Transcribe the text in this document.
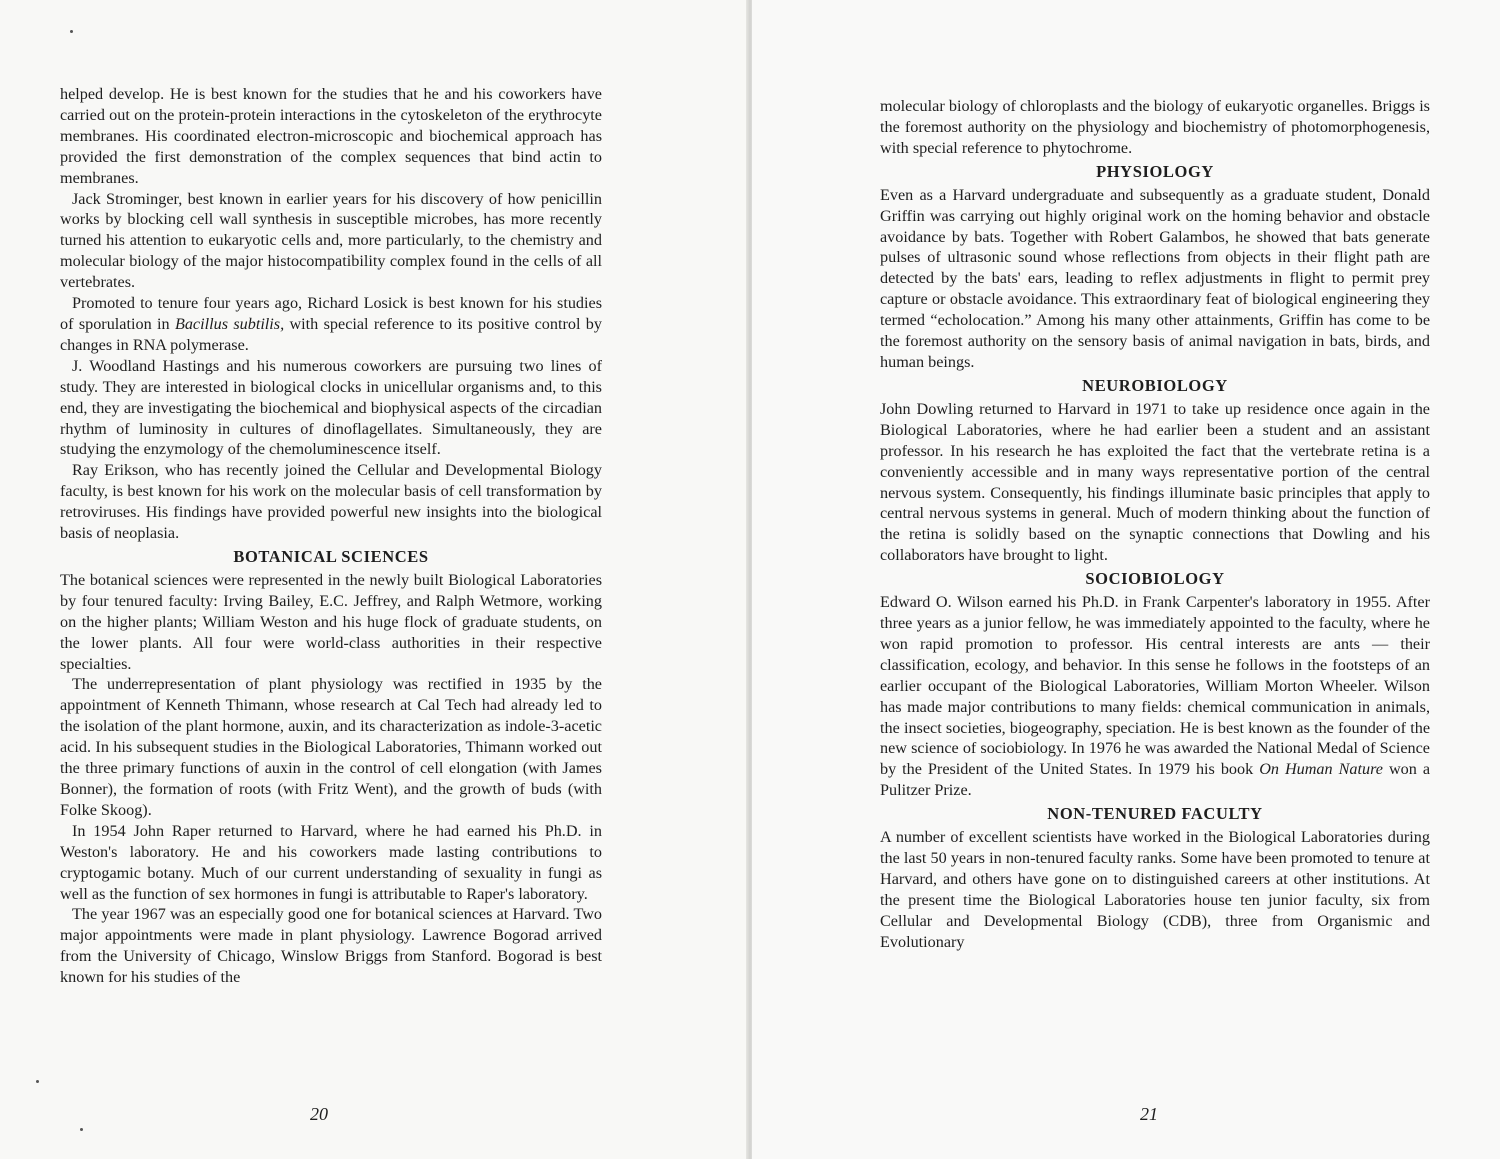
helped develop. He is best known for the studies that he and his coworkers have carried out on the protein-protein interactions in the cytoskeleton of the erythrocyte membranes. His coordinated electron-microscopic and biochemical approach has provided the first demonstration of the complex sequences that bind actin to membranes.

Jack Strominger, best known in earlier years for his discovery of how penicillin works by blocking cell wall synthesis in susceptible microbes, has more recently turned his attention to eukaryotic cells and, more particularly, to the chemistry and molecular biology of the major histocompatibility complex found in the cells of all vertebrates.

Promoted to tenure four years ago, Richard Losick is best known for his studies of sporulation in Bacillus subtilis, with special reference to its positive control by changes in RNA polymerase.

J. Woodland Hastings and his numerous coworkers are pursuing two lines of study. They are interested in biological clocks in unicellular organisms and, to this end, they are investigating the biochemical and biophysical aspects of the circadian rhythm of luminosity in cultures of dinoflagellates. Simultaneously, they are studying the enzymology of the chemoluminescence itself.

Ray Erikson, who has recently joined the Cellular and Developmental Biology faculty, is best known for his work on the molecular basis of cell transformation by retroviruses. His findings have provided powerful new insights into the biological basis of neoplasia.

BOTANICAL SCIENCES

The botanical sciences were represented in the newly built Biological Laboratories by four tenured faculty: Irving Bailey, E.C. Jeffrey, and Ralph Wetmore, working on the higher plants; William Weston and his huge flock of graduate students, on the lower plants. All four were world-class authorities in their respective specialties.

The underrepresentation of plant physiology was rectified in 1935 by the appointment of Kenneth Thimann, whose research at Cal Tech had already led to the isolation of the plant hormone, auxin, and its characterization as indole-3-acetic acid. In his subsequent studies in the Biological Laboratories, Thimann worked out the three primary functions of auxin in the control of cell elongation (with James Bonner), the formation of roots (with Fritz Went), and the growth of buds (with Folke Skoog).

In 1954 John Raper returned to Harvard, where he had earned his Ph.D. in Weston's laboratory. He and his coworkers made lasting contributions to cryptogamic botany. Much of our current understanding of sexuality in fungi as well as the function of sex hormones in fungi is attributable to Raper's laboratory.

The year 1967 was an especially good one for botanical sciences at Harvard. Two major appointments were made in plant physiology. Lawrence Bogorad arrived from the University of Chicago, Winslow Briggs from Stanford. Bogorad is best known for his studies of the

20

molecular biology of chloroplasts and the biology of eukaryotic organelles. Briggs is the foremost authority on the physiology and biochemistry of photomorphogenesis, with special reference to phytochrome.

PHYSIOLOGY

Even as a Harvard undergraduate and subsequently as a graduate student, Donald Griffin was carrying out highly original work on the homing behavior and obstacle avoidance by bats. Together with Robert Galambos, he showed that bats generate pulses of ultrasonic sound whose reflections from objects in their flight path are detected by the bats' ears, leading to reflex adjustments in flight to permit prey capture or obstacle avoidance. This extraordinary feat of biological engineering they termed “echolocation.” Among his many other attainments, Griffin has come to be the foremost authority on the sensory basis of animal navigation in bats, birds, and human beings.

NEUROBIOLOGY

John Dowling returned to Harvard in 1971 to take up residence once again in the Biological Laboratories, where he had earlier been a student and an assistant professor. In his research he has exploited the fact that the vertebrate retina is a conveniently accessible and in many ways representative portion of the central nervous system. Consequently, his findings illuminate basic principles that apply to central nervous systems in general. Much of modern thinking about the function of the retina is solidly based on the synaptic connections that Dowling and his collaborators have brought to light.

SOCIOBIOLOGY

Edward O. Wilson earned his Ph.D. in Frank Carpenter's laboratory in 1955. After three years as a junior fellow, he was immediately appointed to the faculty, where he won rapid promotion to professor. His central interests are ants — their classification, ecology, and behavior. In this sense he follows in the footsteps of an earlier occupant of the Biological Laboratories, William Morton Wheeler. Wilson has made major contributions to many fields: chemical communication in animals, the insect societies, biogeography, speciation. He is best known as the founder of the new science of sociobiology. In 1976 he was awarded the National Medal of Science by the President of the United States. In 1979 his book On Human Nature won a Pulitzer Prize.

NON-TENURED FACULTY

A number of excellent scientists have worked in the Biological Laboratories during the last 50 years in non-tenured faculty ranks. Some have been promoted to tenure at Harvard, and others have gone on to distinguished careers at other institutions. At the present time the Biological Laboratories house ten junior faculty, six from Cellular and Developmental Biology (CDB), three from Organismic and Evolutionary

21
